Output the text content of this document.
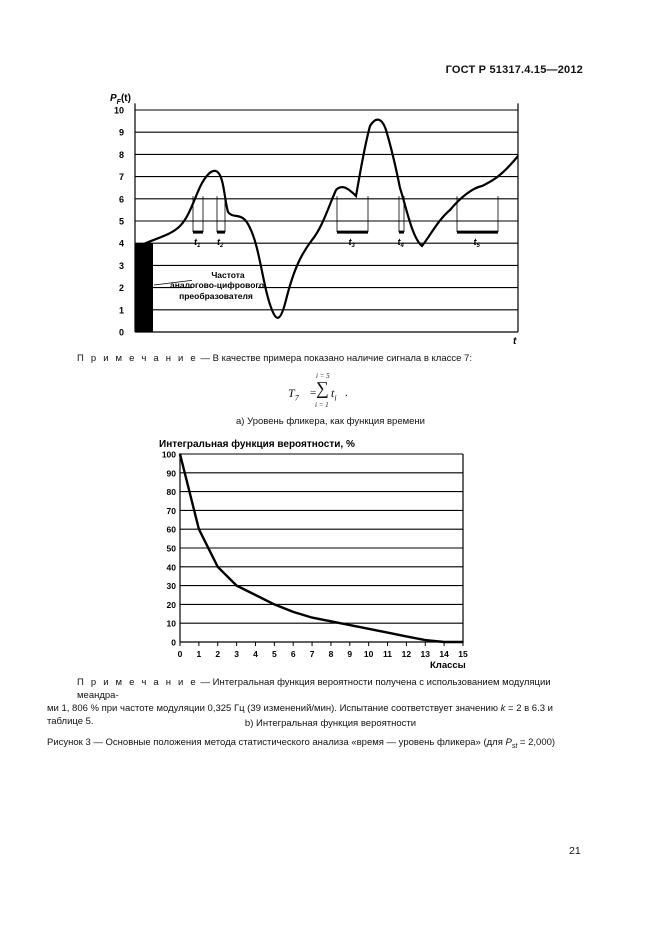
ГОСТ Р 51317.4.15—2012
0
1
2
3
4
5
6
7
8
9
10
$P_F(t)$
t
$t_1$ $t_2$	$t_3$	$t_4$	$t_5$
Частота
аналогово-цифрового
преобразователя
П р и м е ч а н и е — В качестве примера показано наличие сигнала в классе 7:
$T_7$ =
i = 5
∑
i = 1
$t_i$ .
а) Уровень фликера, как функция времени
Интегральная функция вероятности, %
0
10
20
30
40
50
60
70
80
90
100
0 1 2 3 4 5 6 7 8 9 10 11 12 13 14 15
Классы
П р и м е ч а н и е — Интегральная функция вероятности получена с использованием модуляции меандра-
ми 1, 806 % при частоте модуляции 0,325 Гц (39 изменений/мин). Испытание соответствует значению k = 2 в 6.3 и
таблице 5.	b) Интегральная функция вероятности
Рисунок 3 — Основные положения метода статистического анализа «время — уровень фликера» (для $P_{st} = 2,000$)
21
